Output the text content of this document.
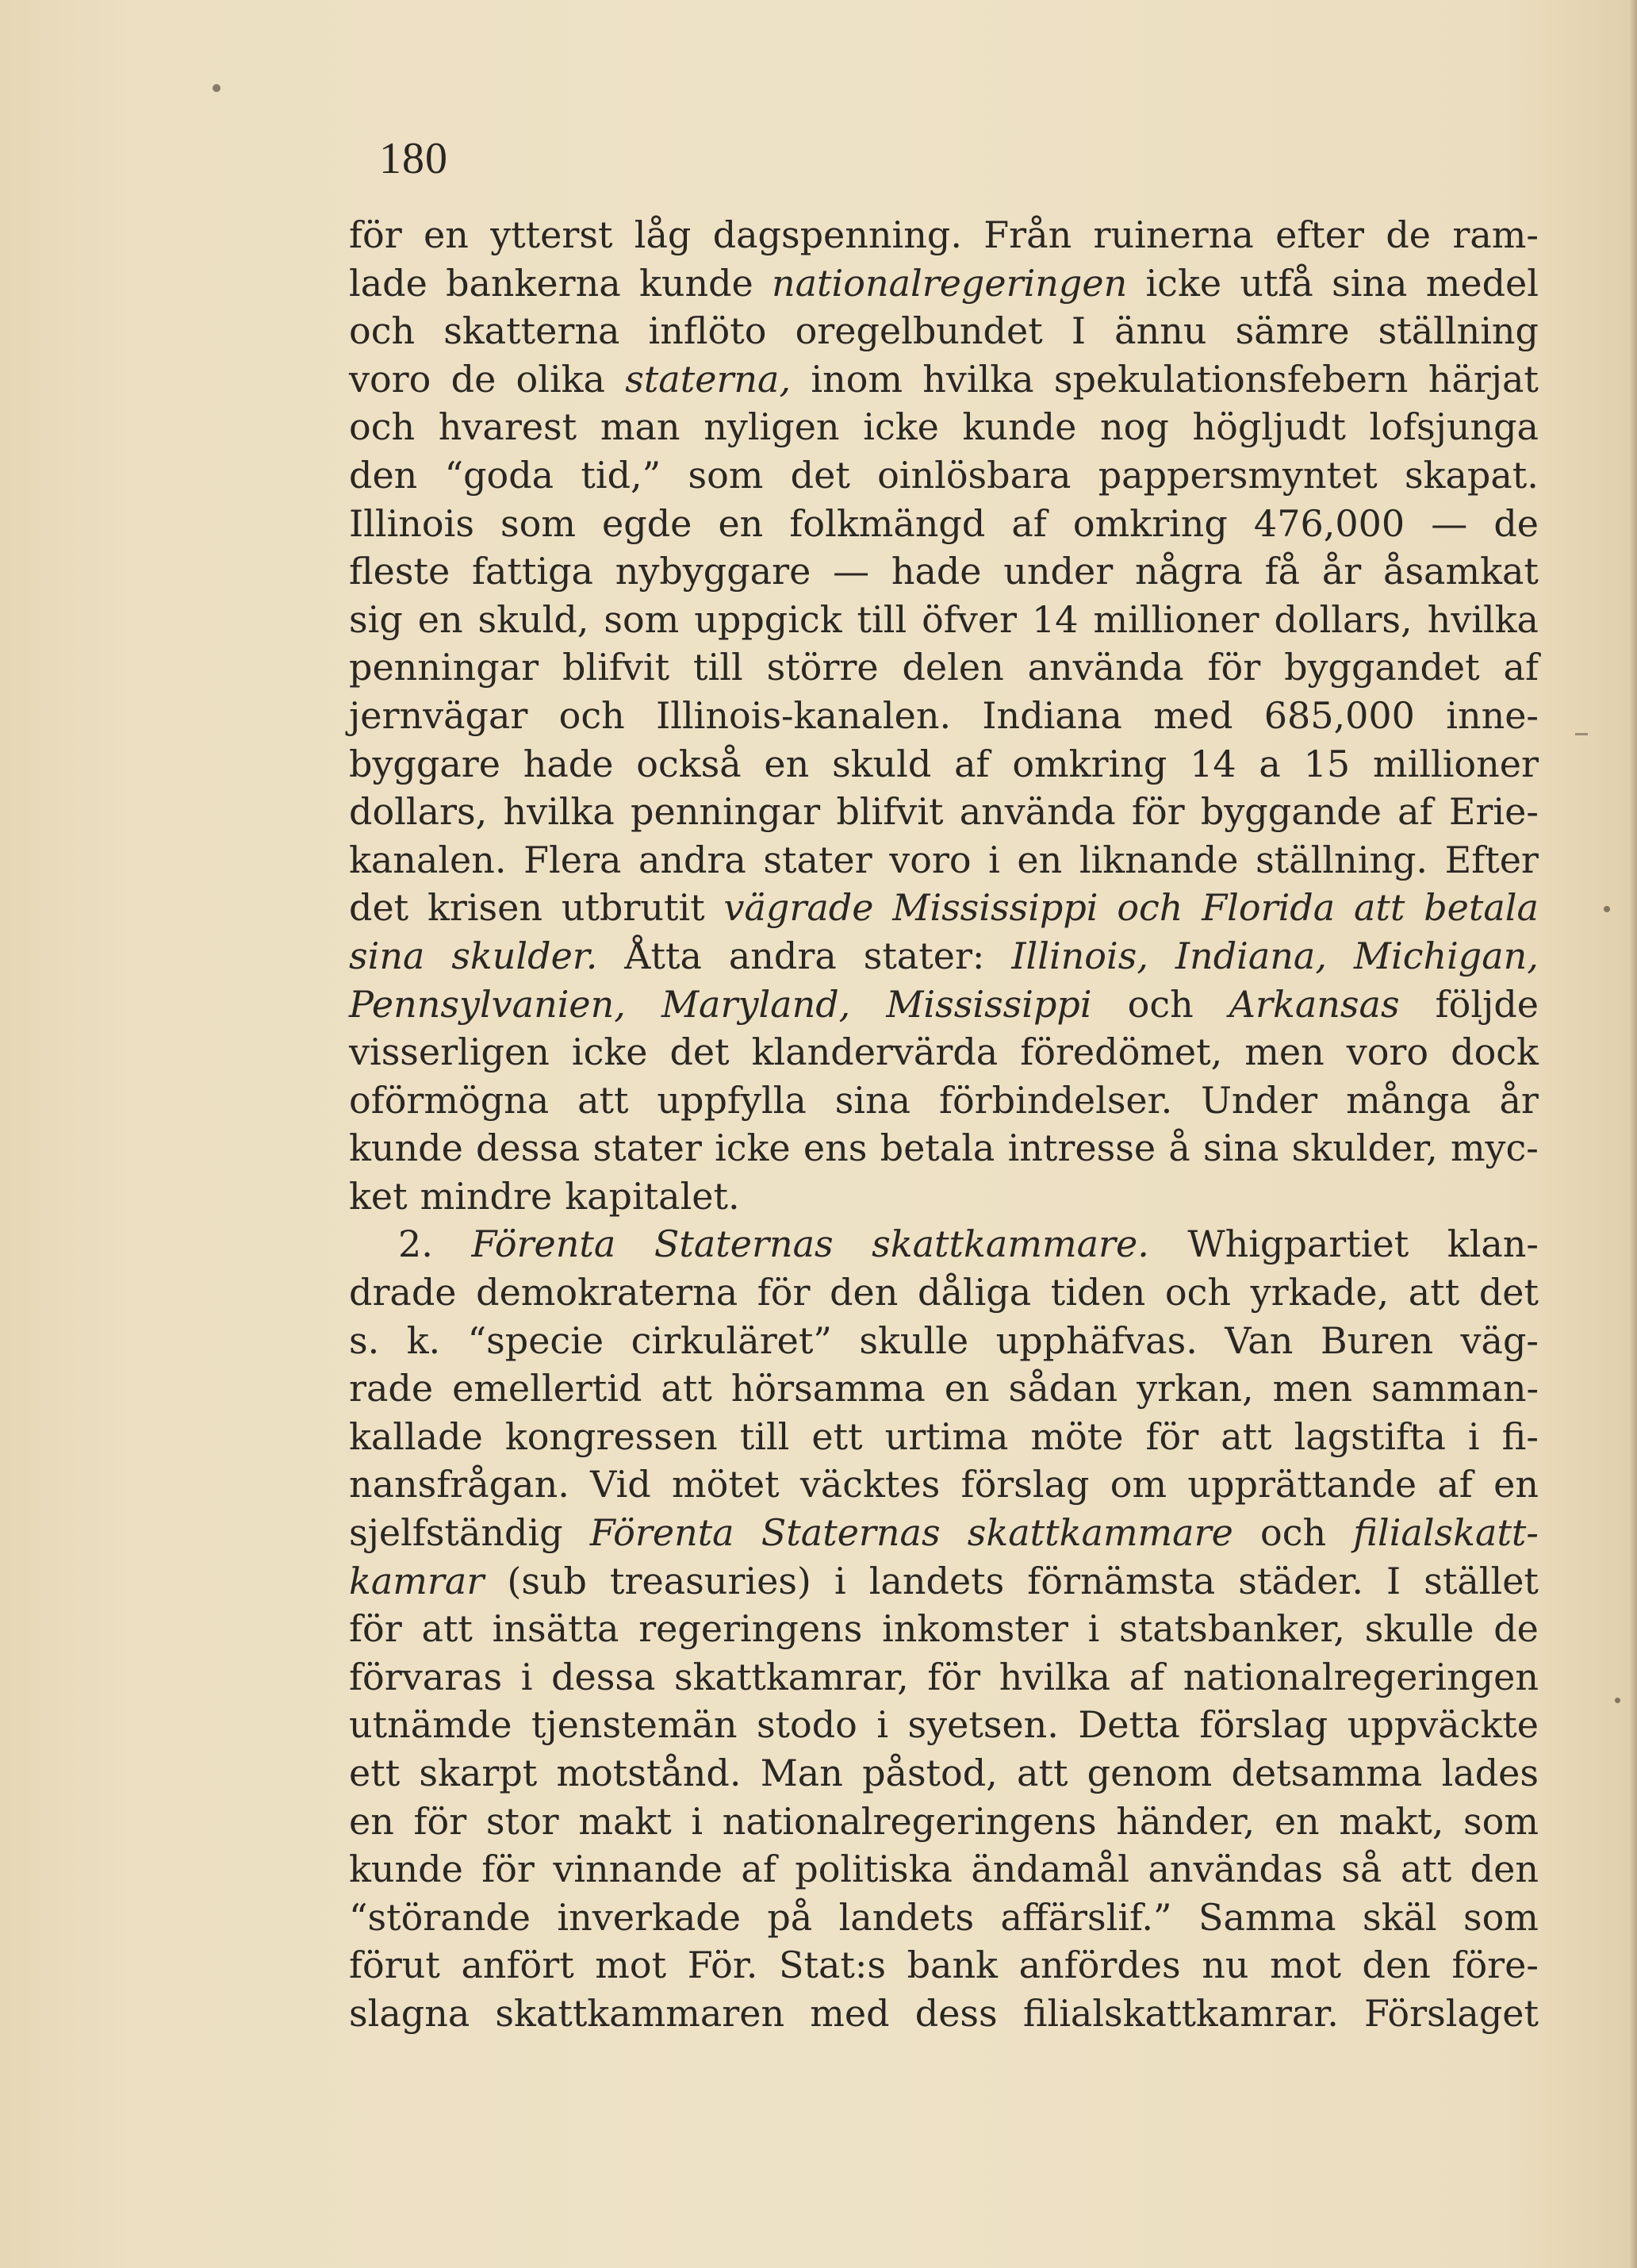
180
för en ytterst låg dagspenning. Från ruinerna efter de ram-
lade bankerna kunde nationalregeringen icke utfå sina medel
och skatterna inflöto oregelbundet I ännu sämre ställning
voro de olika staterna, inom hvilka spekulationsfebern härjat
och hvarest man nyligen icke kunde nog högljudt lofsjunga
den “goda tid,” som det oinlösbara pappersmyntet skapat.
Illinois som egde en folkmängd af omkring 476,000 — de
fleste fattiga nybyggare — hade under några få år åsamkat
sig en skuld, som uppgick till öfver 14 millioner dollars, hvilka
penningar blifvit till större delen använda för byggandet af
jernvägar och Illinois-kanalen. Indiana med 685,000 inne-
byggare hade också en skuld af omkring 14 a 15 millioner
dollars, hvilka penningar blifvit använda för byggande af Erie-
kanalen. Flera andra stater voro i en liknande ställning. Efter
det krisen utbrutit vägrade Mississippi och Florida att betala
sina skulder. Åtta andra stater: Illinois, Indiana, Michigan,
Pennsylvanien, Maryland, Mississippi och Arkansas följde
visserligen icke det klandervärda föredömet, men voro dock
oförmögna att uppfylla sina förbindelser. Under många år
kunde dessa stater icke ens betala intresse å sina skulder, myc-
ket mindre kapitalet.
2. Förenta Staternas skattkammare. Whigpartiet klan-
drade demokraterna för den dåliga tiden och yrkade, att det
s. k. “specie cirkuläret” skulle upphäfvas. Van Buren väg-
rade emellertid att hörsamma en sådan yrkan, men samman-
kallade kongressen till ett urtima möte för att lagstifta i fi-
nansfrågan. Vid mötet väcktes förslag om upprättande af en
sjelfständig Förenta Staternas skattkammare och filialskatt-
kamrar (sub treasuries) i landets förnämsta städer. I stället
för att insätta regeringens inkomster i statsbanker, skulle de
förvaras i dessa skattkamrar, för hvilka af nationalregeringen
utnämde tjenstemän stodo i syetsen. Detta förslag uppväckte
ett skarpt motstånd. Man påstod, att genom detsamma lades
en för stor makt i nationalregeringens händer, en makt, som
kunde för vinnande af politiska ändamål användas så att den
“störande inverkade på landets affärslif.” Samma skäl som
förut anfört mot För. Stat:s bank anfördes nu mot den före-
slagna skattkammaren med dess filialskattkamrar. Förslaget
